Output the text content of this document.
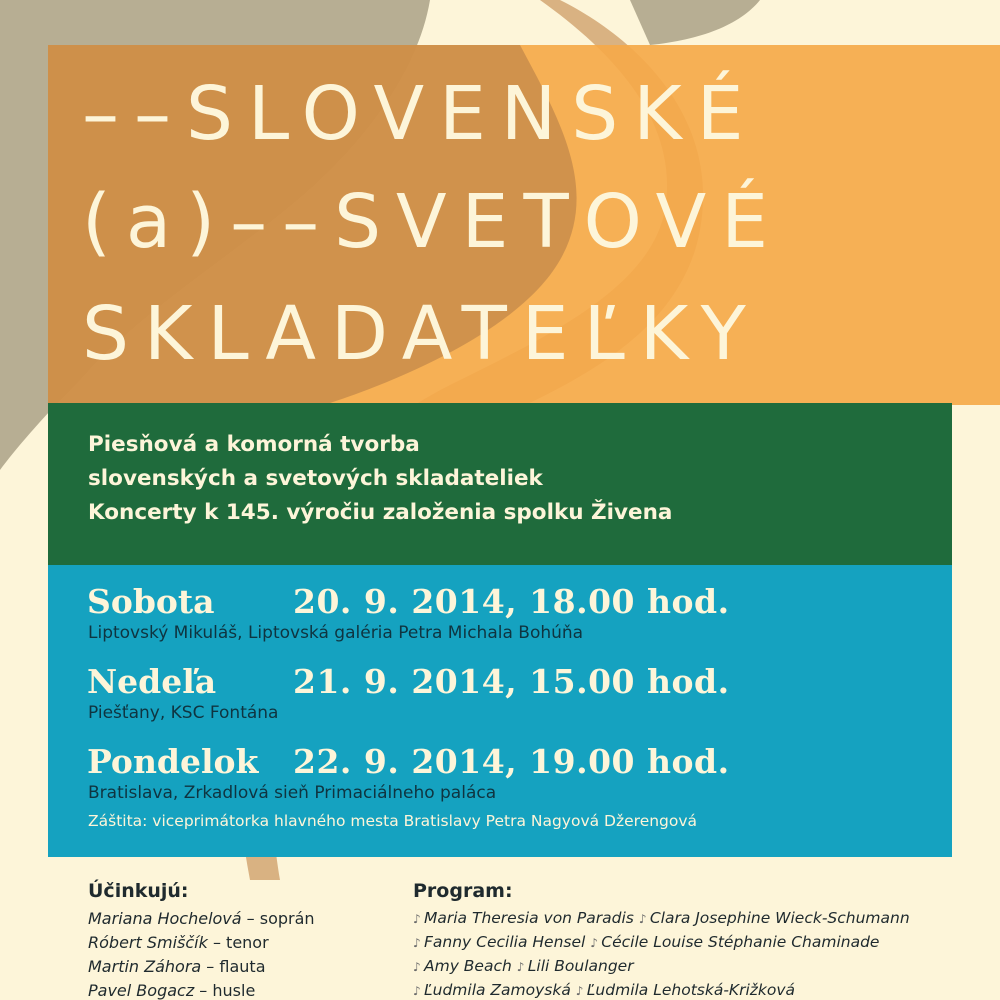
––SLOVENSKÉ
(a)––SVETOVÉ
SKLADATEĽKY
Piesňová a komorná tvorba
slovenských a svetových skladateliek
Koncerty k 145. výročiu založenia spolku Živena
Sobota 20. 9. 2014, 18.00 hod.
Liptovský Mikuláš, Liptovská galéria Petra Michala Bohúňa
Nedeľa 21. 9. 2014, 15.00 hod.
Piešťany, KSC Fontána
Pondelok 22. 9. 2014, 19.00 hod.
Bratislava, Zrkadlová sieň Primaciálneho paláca
Záštita: viceprimátorka hlavného mesta Bratislavy Petra Nagyová Džerengová
Účinkujú:
Mariana Hochelová – soprán
Róbert Smiščík – tenor
Martin Záhora – flauta
Pavel Bogacz – husle
Program:
♪ Maria Theresia von Paradis ♪ Clara Josephine Wieck-Schumann
♪ Fanny Cecilia Hensel ♪ Cécile Louise Stéphanie Chaminade
♪ Amy Beach ♪ Lili Boulanger
♪ Ľudmila Zamoyská ♪ Ľudmila Lehotská-Križková
